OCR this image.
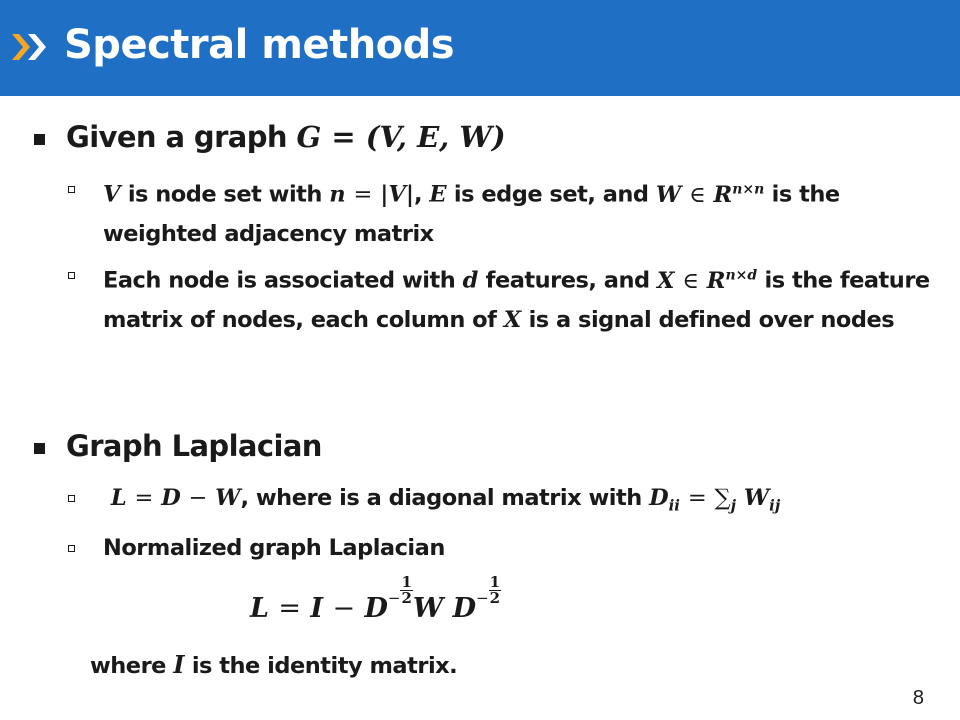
Spectral methods
Given a graph G = (V, E, W)
V is node set with n = |V|, E is edge set, and W ∈ $R^{n\times n}$ is the weighted adjacency matrix
Each node is associated with d features, and X ∈ $R^{n\times d}$ is the feature matrix of nodes, each column of X is a signal defined over nodes
Graph Laplacian
L = D − W, where is a diagonal matrix with $D_{ii} = \sum_j$ $W_{ij}$
Normalized graph Laplacian
$L = I - D- \frac{1}{2}$
W $D- \frac{1}{2}$
where I is the identity matrix.
8
